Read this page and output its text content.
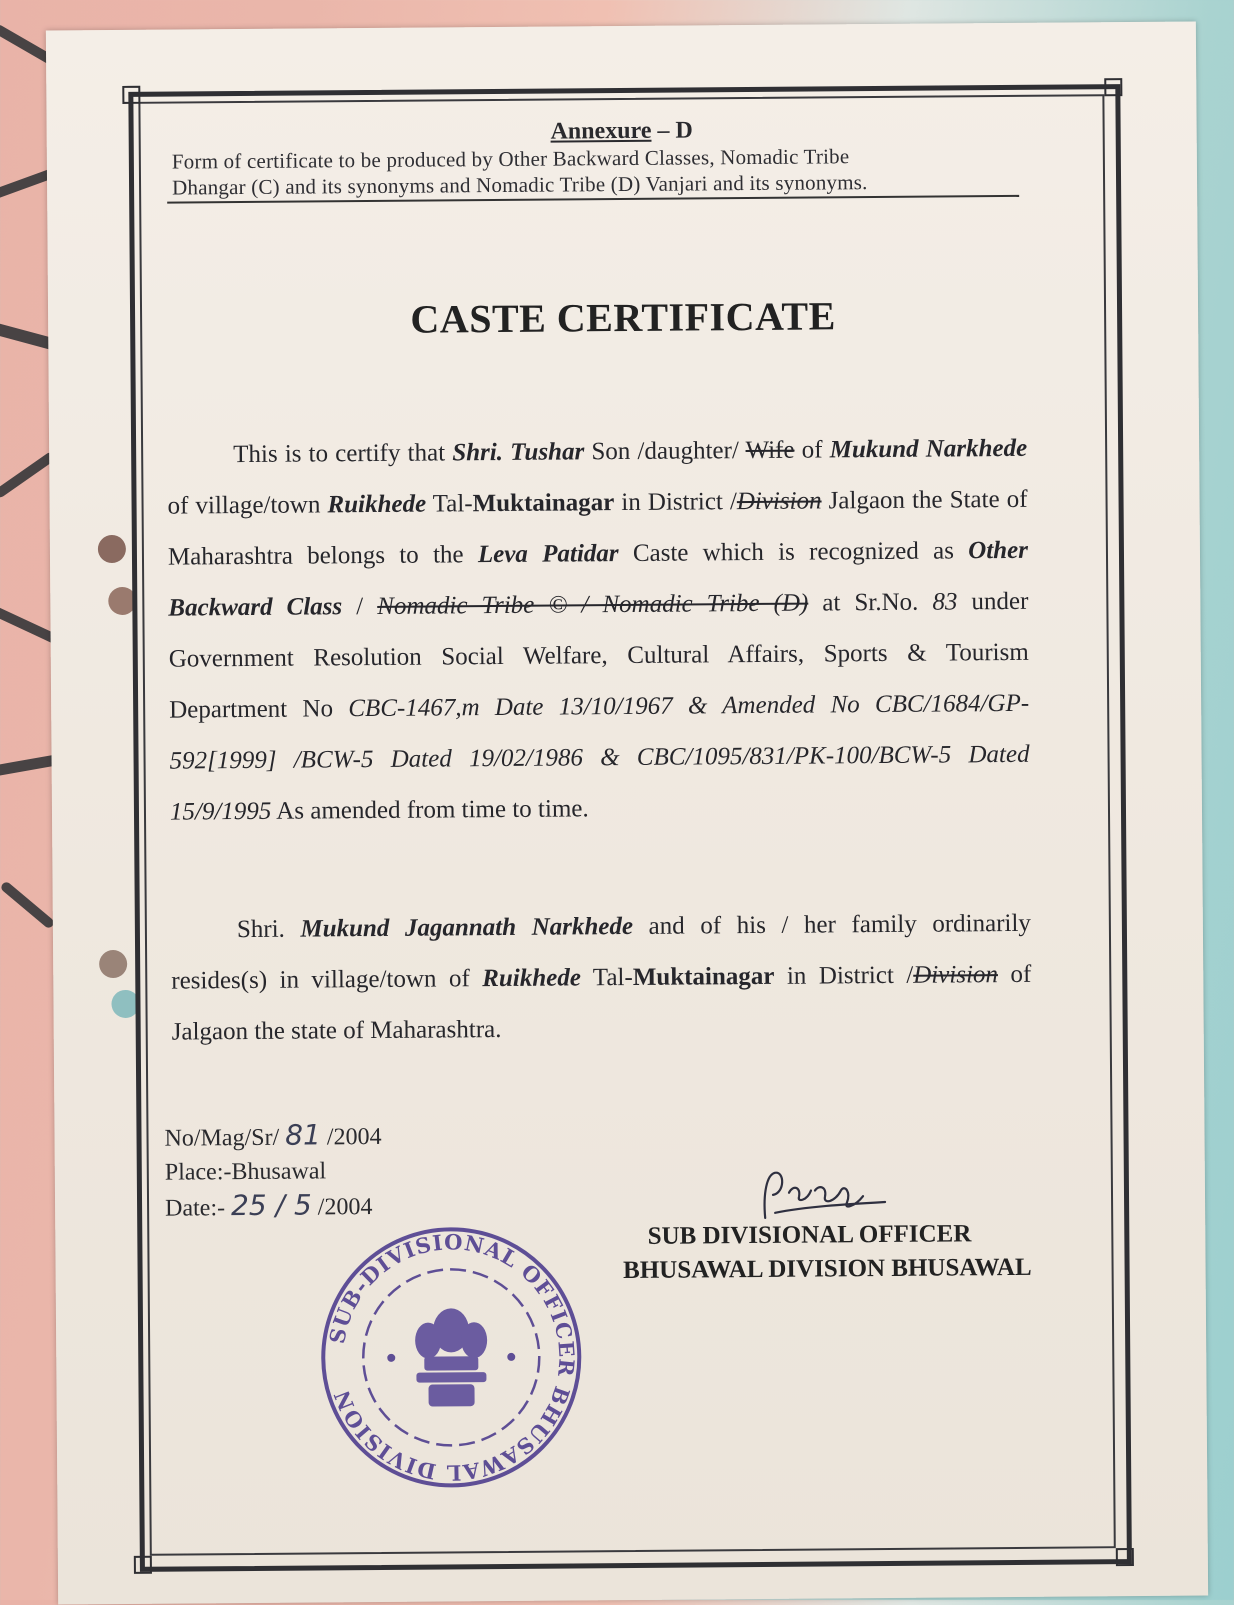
Annexure – D
Form of certificate to be produced by Other Backward Classes, Nomadic Tribe
Dhangar (C) and its synonyms and Nomadic Tribe (D) Vanjari and its synonyms.
CASTE CERTIFICATE
This is to certify that Shri. Tushar Son /daughter/ Wife of Mukund Narkhede of village/town Ruikhede Tal-Muktainagar in District /Division Jalgaon the State of Maharashtra belongs to the Leva Patidar Caste which is recognized as Other Backward Class / Nomadic Tribe © / Nomadic Tribe (D) at Sr.No. 83 under Government Resolution Social Welfare, Cultural Affairs, Sports & Tourism Department No CBC-1467,m Date 13/10/1967 & Amended No CBC/1684/GP-592[1999] /BCW-5 Dated 19/02/1986 & CBC/1095/831/PK-100/BCW-5 Dated 15/9/1995 As amended from time to time.
Shri. Mukund Jagannath Narkhede and of his / her family ordinarily resides(s) in village/town of Ruikhede Tal-Muktainagar in District /Division of Jalgaon the state of Maharashtra.
No/Mag/Sr/ 81 /2004
Place:-Bhusawal
Date:- 25 / 5 /2004
SUB DIVISIONAL OFFICER
BHUSAWAL DIVISION BHUSAWAL
SUB-DIVISIONAL OFFICER BHUSAWAL DIVISION
